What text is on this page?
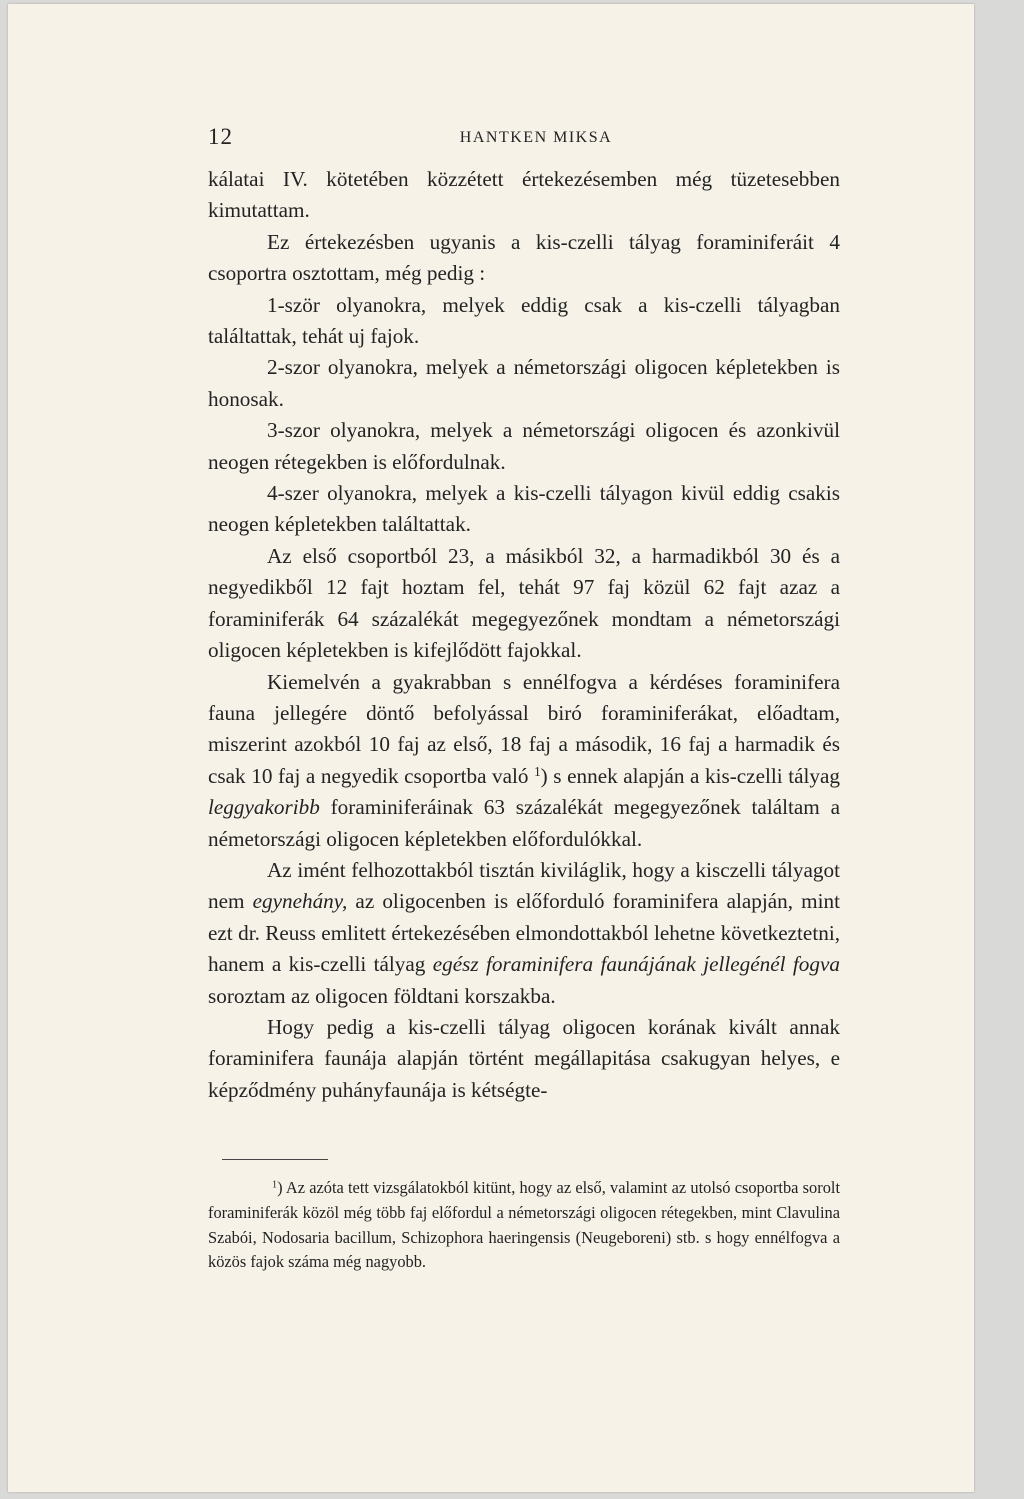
12	HANTKEN MIKSA

kálatai IV. kötetében közzétett értekezésemben még tüzetesebben kimutattam.

Ez értekezésben ugyanis a kis-czelli tályag foraminiferáit 4 csoportra osztottam, még pedig :

1-ször olyanokra, melyek eddig csak a kis-czelli tályagban találtattak, tehát uj fajok.

2-szor olyanokra, melyek a németországi oligocen képletekben is honosak.

3-szor olyanokra, melyek a németországi oligocen és azonkivül neogen rétegekben is előfordulnak.

4-szer olyanokra, melyek a kis-czelli tályagon kivül eddig csakis neogen képletekben találtattak.

Az első csoportból 23, a másikból 32, a harmadikból 30 és a negyedikből 12 fajt hoztam fel, tehát 97 faj közül 62 fajt azaz a foraminiferák 64 százalékát megegyezőnek mondtam a németországi oligocen képletekben is kifejlődött fajokkal.

Kiemelvén a gyakrabban s ennélfogva a kérdéses foraminifera fauna jellegére döntő befolyással biró foraminiferákat, előadtam, miszerint azokból 10 faj az első, 18 faj a második, 16 faj a harmadik és csak 10 faj a negyedik csoportba való $^1$) s ennek alapján a kis-czelli tályag leggyakoribb foraminiferáinak 63 százalékát megegyezőnek találtam a németországi oligocen képletekben előfordulókkal.

Az imént felhozottakból tisztán kiviláglik, hogy a kisczelli tályagot nem egynehány, az oligocenben is előforduló foraminifera alapján, mint ezt dr. Reuss emlitett értekezésében elmondottakból lehetne következtetni, hanem a kis-czelli tályag egész foraminifera faunájának jellegénél fogva soroztam az oligocen földtani korszakba.

Hogy pedig a kis-czelli tályag oligocen korának kivált annak foraminifera faunája alapján történt megállapitása csakugyan helyes, e képződmény puhányfaunája is kétségte-

$^1$) Az azóta tett vizsgálatokból kitünt, hogy az első, valamint az utolsó csoportba sorolt foraminiferák közöl még több faj előfordul a németországi oligocen rétegekben, mint Clavulina Szabói, Nodosaria bacillum, Schizophora haeringensis (Neugeboreni) stb. s hogy ennélfogva a közös fajok száma még nagyobb.
